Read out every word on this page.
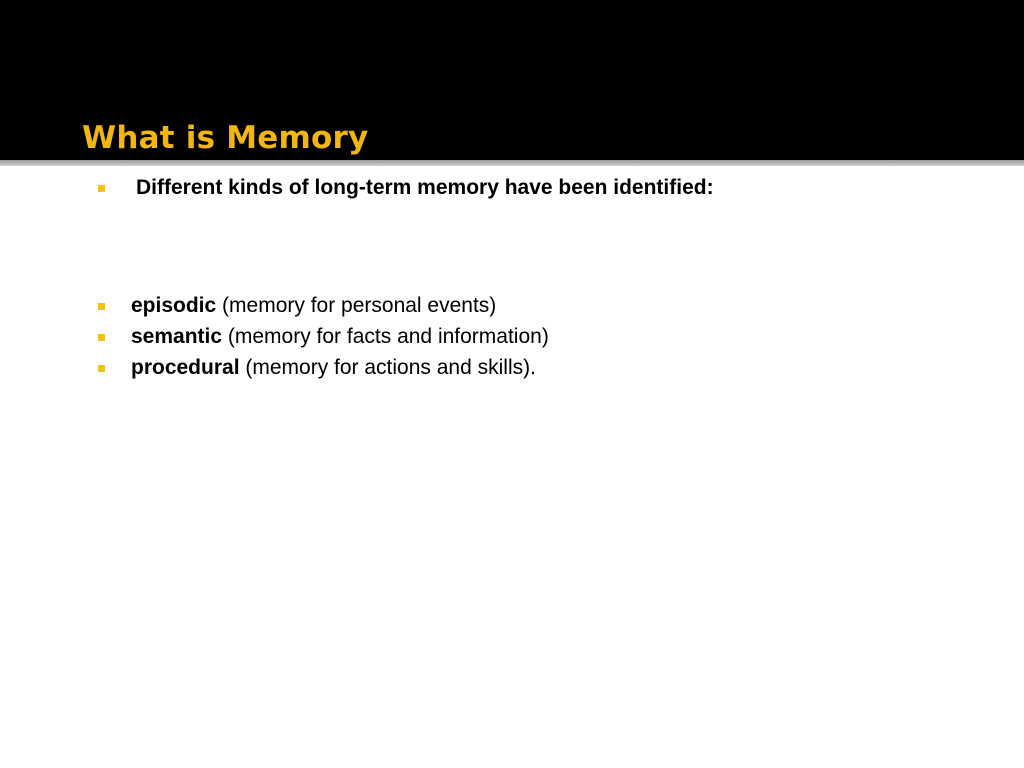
What is Memory
Different kinds of long-term memory have been identified:
episodic (memory for personal events)
semantic (memory for facts and information)
procedural (memory for actions and skills).
